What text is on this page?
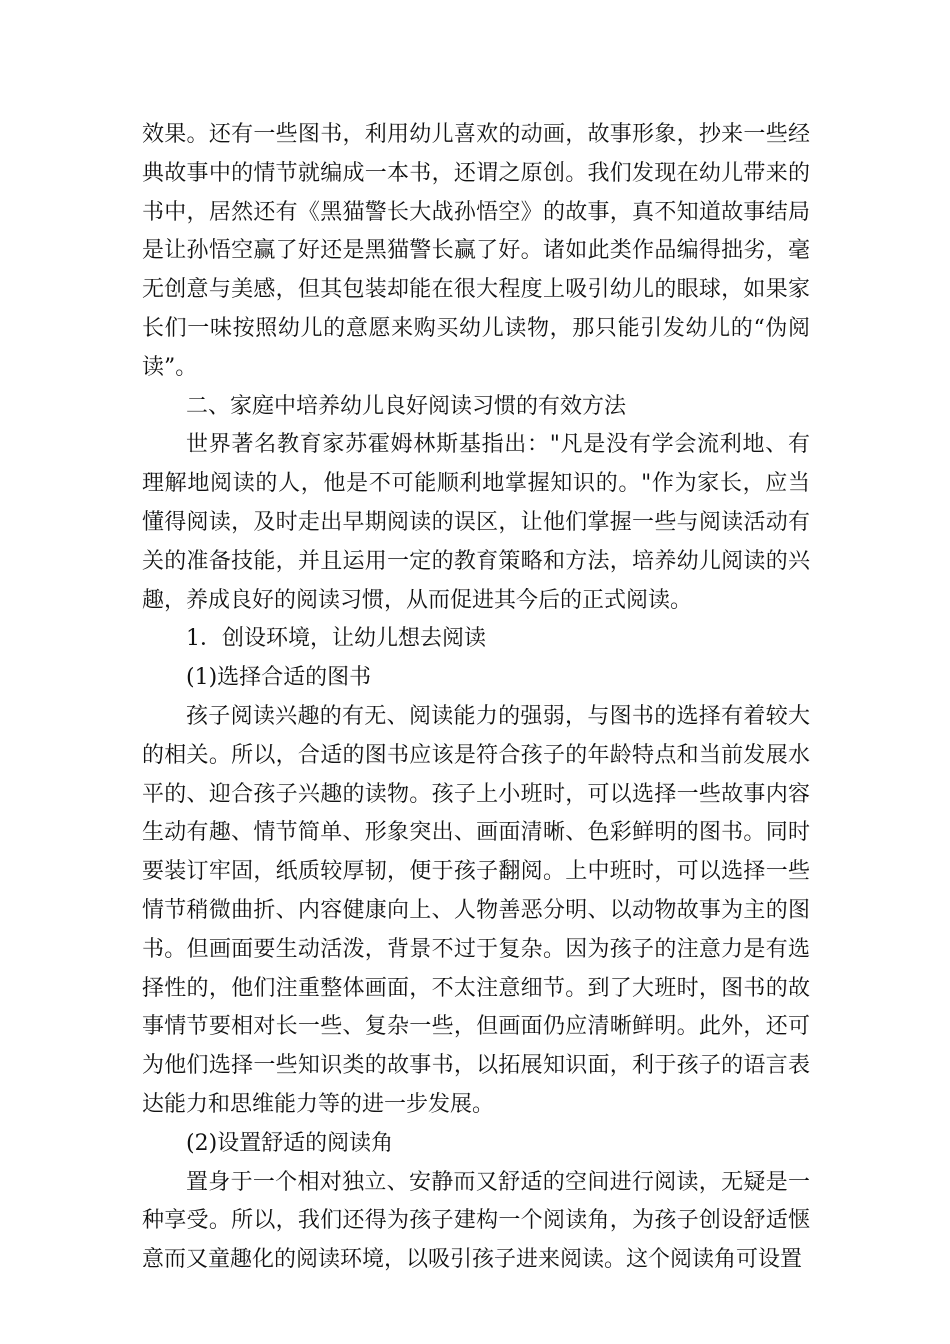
效果。还有一些图书，利用幼儿喜欢的动画，故事形象，抄来一些经典故事中的情节就编成一本书，还谓之原创。我们发现在幼儿带来的书中，居然还有《黑猫警长大战孙悟空》的故事，真不知道故事结局是让孙悟空赢了好还是黑猫警长赢了好。诸如此类作品编得拙劣，毫无创意与美感，但其包装却能在很大程度上吸引幼儿的眼球，如果家长们一味按照幼儿的意愿来购买幼儿读物，那只能引发幼儿的“伪阅读”。

二、家庭中培养幼儿良好阅读习惯的有效方法

世界著名教育家苏霍姆林斯基指出："凡是没有学会流利地、有理解地阅读的人，他是不可能顺利地掌握知识的。"作为家长，应当懂得阅读，及时走出早期阅读的误区，让他们掌握一些与阅读活动有关的准备技能，并且运用一定的教育策略和方法，培养幼儿阅读的兴趣，养成良好的阅读习惯，从而促进其今后的正式阅读。

1．创设环境，让幼儿想去阅读

(1)选择合适的图书

孩子阅读兴趣的有无、阅读能力的强弱，与图书的选择有着较大的相关。所以，合适的图书应该是符合孩子的年龄特点和当前发展水平的、迎合孩子兴趣的读物。孩子上小班时，可以选择一些故事内容生动有趣、情节简单、形象突出、画面清晰、色彩鲜明的图书。同时要装订牢固，纸质较厚韧，便于孩子翻阅。上中班时，可以选择一些情节稍微曲折、内容健康向上、人物善恶分明、以动物故事为主的图书。但画面要生动活泼，背景不过于复杂。因为孩子的注意力是有选择性的，他们注重整体画面，不太注意细节。到了大班时，图书的故事情节要相对长一些、复杂一些，但画面仍应清晰鲜明。此外，还可为他们选择一些知识类的故事书，以拓展知识面，利于孩子的语言表达能力和思维能力等的进一步发展。

(2)设置舒适的阅读角

置身于一个相对独立、安静而又舒适的空间进行阅读，无疑是一种享受。所以，我们还得为孩子建构一个阅读角，为孩子创设舒适惬意而又童趣化的阅读环境，以吸引孩子进来阅读。这个阅读角可设置
